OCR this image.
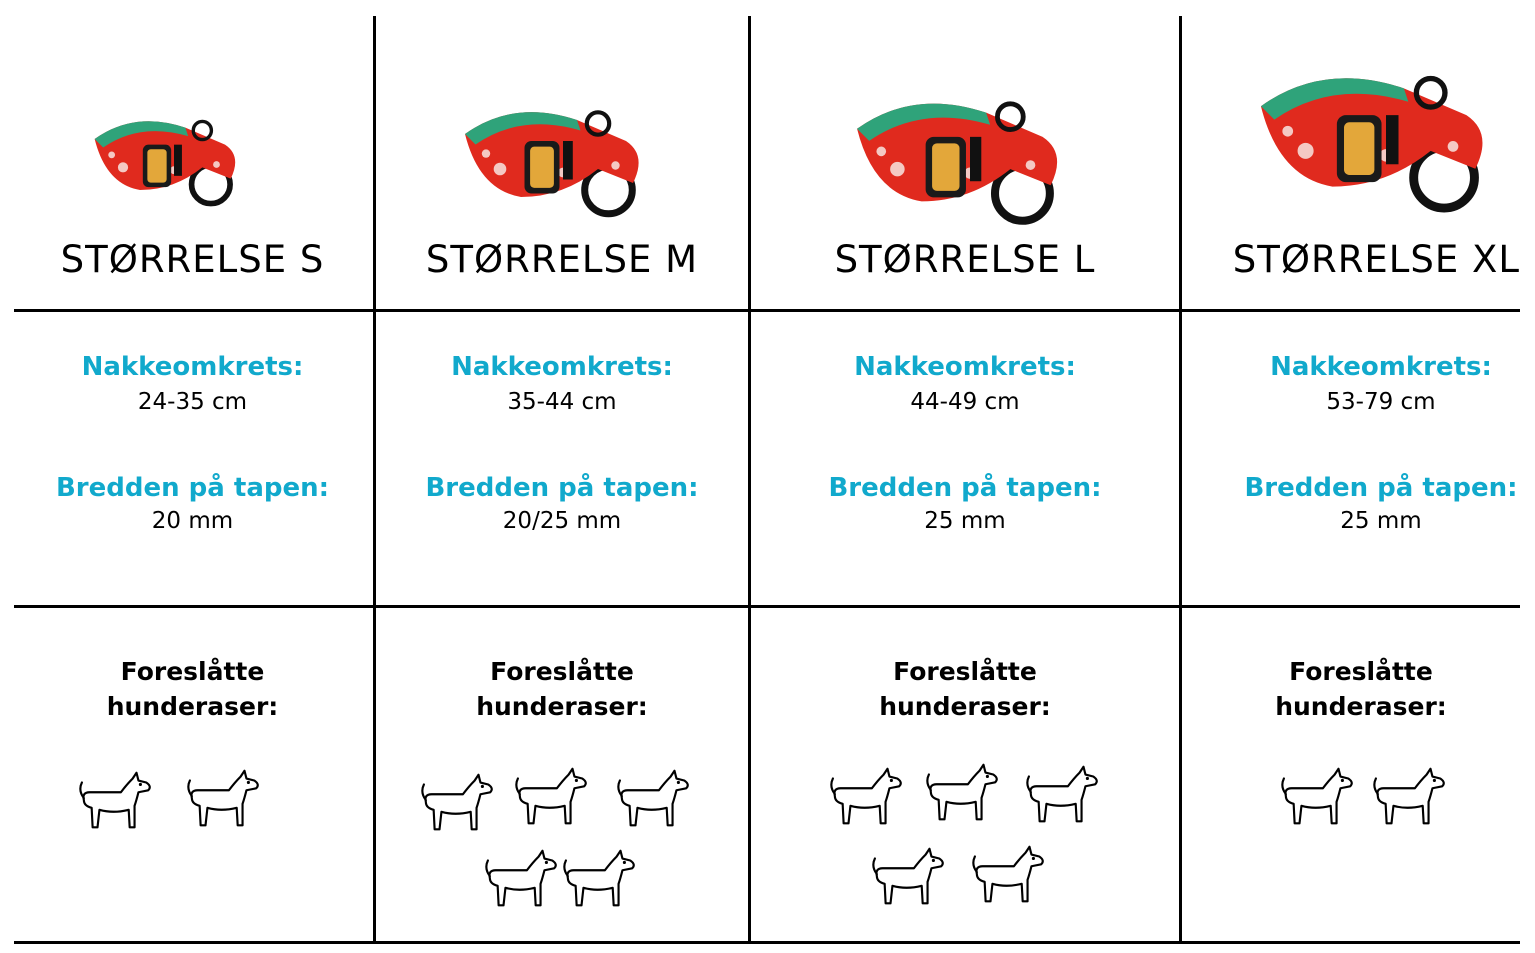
STØRRELSE S
Nakkeomkrets:
24-35 cm
Bredden på tapen:
20 mm
Foreslåtte
hunderaser:
STØRRELSE M
Nakkeomkrets:
35-44 cm
Bredden på tapen:
20/25 mm
Foreslåtte
hunderaser:
STØRRELSE L
Nakkeomkrets:
44-49 cm
Bredden på tapen:
25 mm
Foreslåtte
hunderaser:
STØRRELSE XL
Nakkeomkrets:
53-79 cm
Bredden på tapen:
25 mm
Foreslåtte
hunderaser:
